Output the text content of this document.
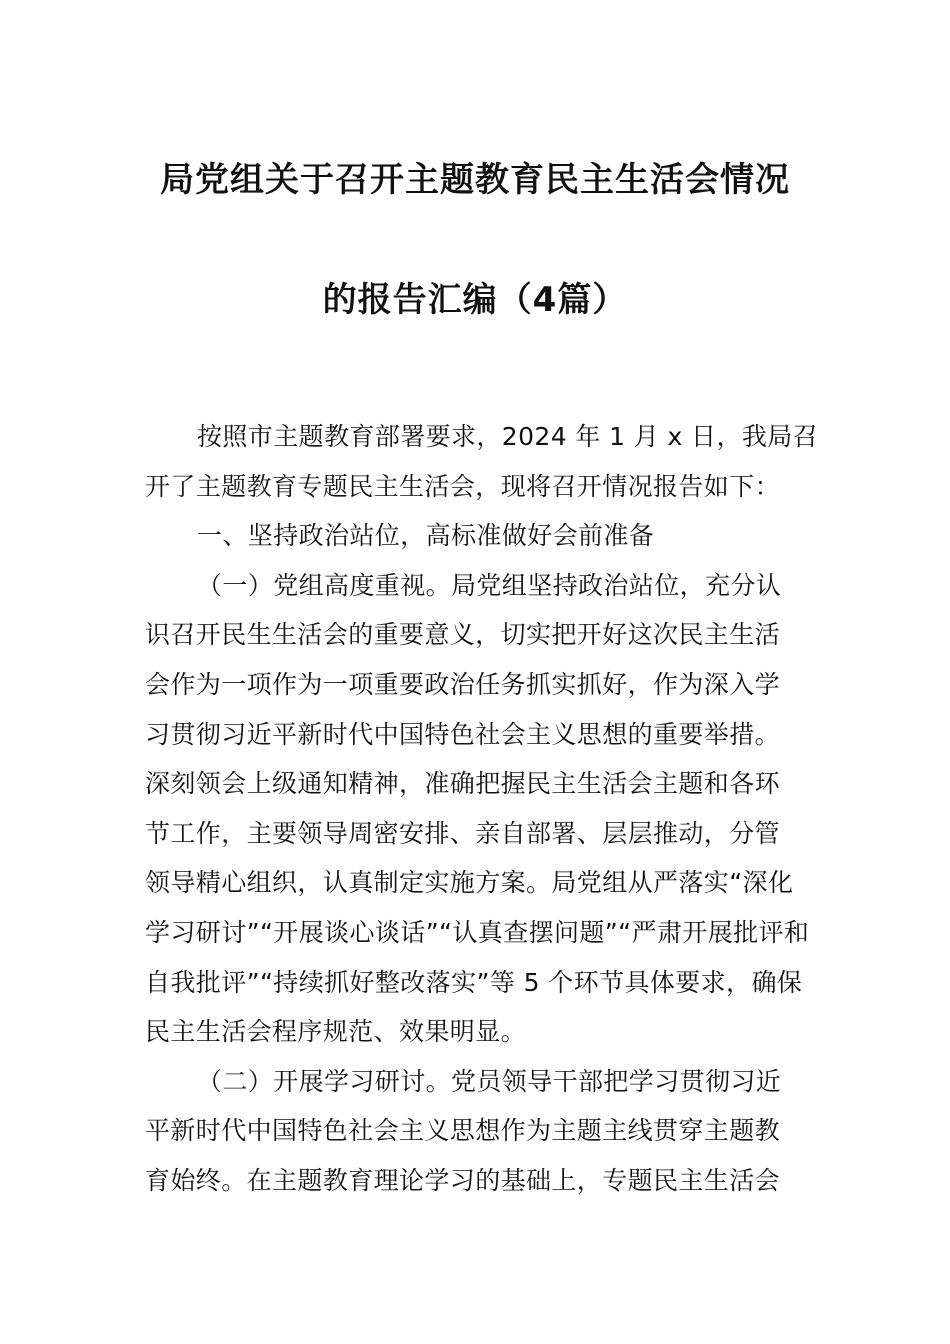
局党组关于召开主题教育民主生活会情况
的报告汇编（4篇）

按照市主题教育部署要求，2024 年 1 月 x 日，我局召

开了主题教育专题民主生活会，现将召开情况报告如下：

一、坚持政治站位，高标准做好会前准备

（一）党组高度重视。局党组坚持政治站位，充分认

识召开民生生活会的重要意义，切实把开好这次民主生活

会作为一项作为一项重要政治任务抓实抓好，作为深入学

习贯彻习近平新时代中国特色社会主义思想的重要举措。

深刻领会上级通知精神，准确把握民主生活会主题和各环

节工作，主要领导周密安排、亲自部署、层层推动，分管

领导精心组织，认真制定实施方案。局党组从严落实“深化

学习研讨”“开展谈心谈话”“认真查摆问题”“严肃开展批评和

自我批评”“持续抓好整改落实”等 5 个环节具体要求，确保

民主生活会程序规范、效果明显。

（二）开展学习研讨。党员领导干部把学习贯彻习近

平新时代中国特色社会主义思想作为主题主线贯穿主题教

育始终。在主题教育理论学习的基础上，专题民主生活会
